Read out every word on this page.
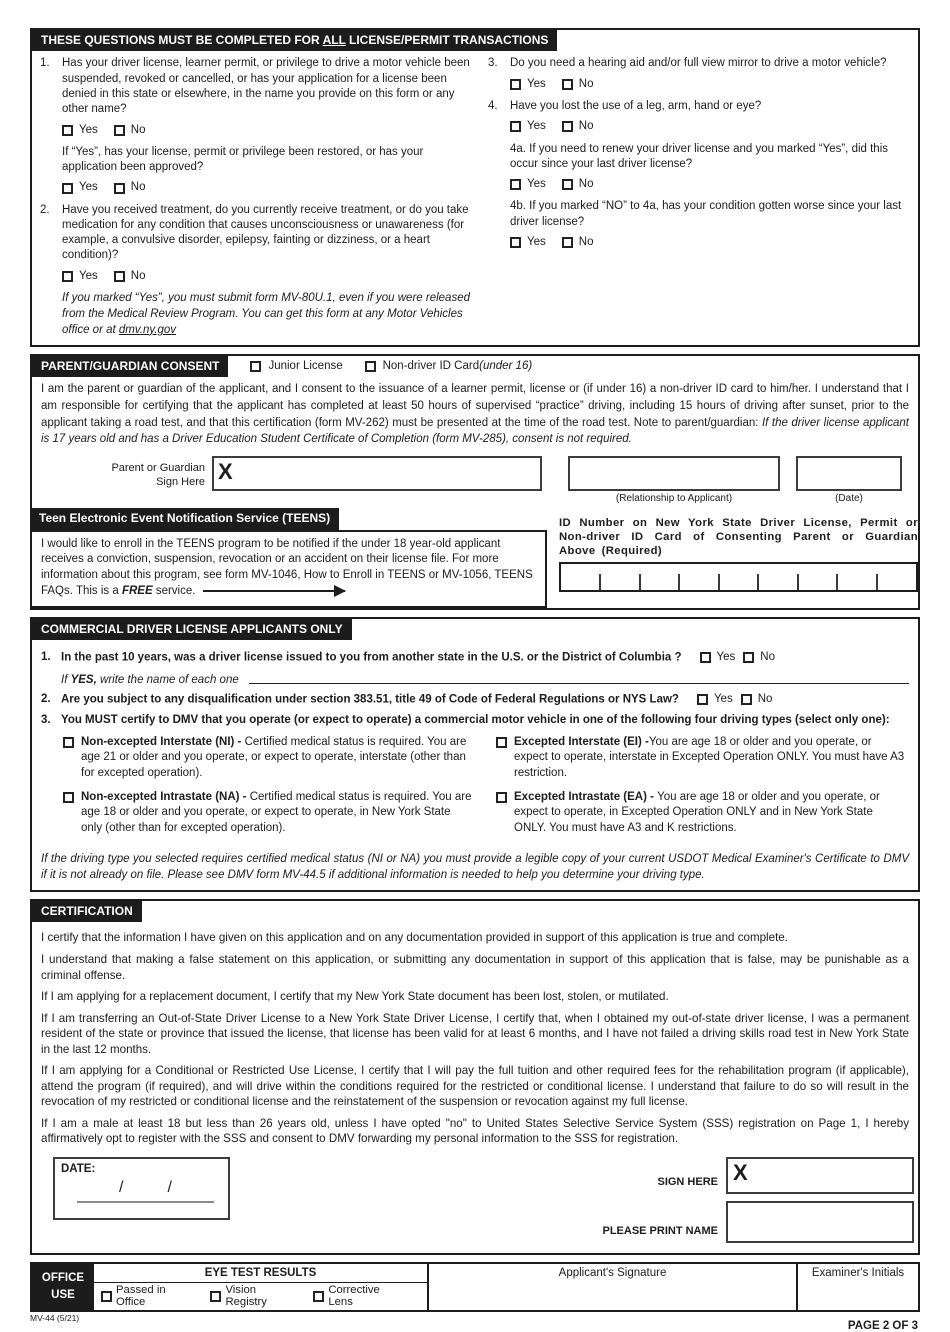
THESE QUESTIONS MUST BE COMPLETED FOR ALL LICENSE/PERMIT TRANSACTIONS
1.	Has your driver license, learner permit, or privilege to drive a motor vehicle been suspended, revoked or cancelled, or has your application for a license been denied in this state or elsewhere, in the name you provide on this form or any other name?
Yes	No
If “Yes”, has your license, permit or privilege been restored, or has your application been approved?
Yes	No
2.	Have you received treatment, do you currently receive treatment, or do you take medication for any condition that causes unconsciousness or unawareness (for example, a convulsive disorder, epilepsy, fainting or dizziness, or a heart condition)?
Yes	No
If you marked “Yes”, you must submit form MV-80U.1, even if you were released from the Medical Review Program. You can get this form at any Motor Vehicles office or at dmv.ny.gov
3.	Do you need a hearing aid and/or full view mirror to drive a motor vehicle?
Yes	No
4.	Have you lost the use of a leg, arm, hand or eye?
Yes	No
4a. If you need to renew your driver license and you marked “Yes”, did this occur since your last driver license?
Yes	No
4b. If you marked “NO” to 4a, has your condition gotten worse since your last driver license?
Yes	No
PARENT/GUARDIAN CONSENT	Junior License	Non-driver ID Card (under 16)
I am the parent or guardian of the applicant, and I consent to the issuance of a learner permit, license or (if under 16) a non-driver ID card to him/her. I understand that I am responsible for certifying that the applicant has completed at least 50 hours of supervised “practice” driving, including 15 hours of driving after sunset, prior to the applicant taking a road test, and that this certification (form MV-262) must be presented at the time of the road test. Note to parent/guardian: If the driver license applicant is 17 years old and has a Driver Education Student Certificate of Completion (form MV-285), consent is not required.
Parent or Guardian
Sign Here X
(Relationship to Applicant)	(Date)
Teen Electronic Event Notification Service (TEENS)
I would like to enroll in the TEENS program to be notified if the under 18 year-old applicant receives a conviction, suspension, revocation or an accident on their license file. For more information about this program, see form MV-1046, How to Enroll in TEENS or MV-1056, TEENS FAQs. This is a FREE service.
ID Number on New York State Driver License, Permit or Non-driver ID Card of Consenting Parent or Guardian Above (Required)
COMMERCIAL DRIVER LICENSE APPLICANTS ONLY
1. In the past 10 years, was a driver license issued to you from another state in the U.S. or the District of Columbia ?	Yes No
If YES, write the name of each one
2. Are you subject to any disqualification under section 383.51, title 49 of Code of Federal Regulations or NYS Law?	Yes No
3. You MUST certify to DMV that you operate (or expect to operate) a commercial motor vehicle in one of the following four driving types (select only one):
Non-excepted Interstate (NI) - Certified medical status is required. You are age 21 or older and you operate, or expect to operate, interstate (other than for excepted operation).
Excepted Interstate (EI) -You are age 18 or older and you operate, or expect to operate, interstate in Excepted Operation ONLY. You must have A3 restriction.
Non-excepted Intrastate (NA) - Certified medical status is required. You are age 18 or older and you operate, or expect to operate, in New York State only (other than for excepted operation).
Excepted Intrastate (EA) - You are age 18 or older and you operate, or expect to operate, in Excepted Operation ONLY and in New York State ONLY. You must have A3 and K restrictions.
If the driving type you selected requires certified medical status (NI or NA) you must provide a legible copy of your current USDOT Medical Examiner's Certificate to DMV if it is not already on file. Please see DMV form MV-44.5 if additional information is needed to help you determine your driving type.
CERTIFICATION

I certify that the information I have given on this application and on any documentation provided in support of this application is true and complete.

I understand that making a false statement on this application, or submitting any documentation in support of this application that is false, may be punishable as a criminal offense.

If I am applying for a replacement document, I certify that my New York State document has been lost, stolen, or mutilated.

If I am transferring an Out-of-State Driver License to a New York State Driver License, I certify that, when I obtained my out-of-state driver license, I was a permanent resident of the state or province that issued the license, that license has been valid for at least 6 months, and I have not failed a driving skills road test in New York State in the last 12 months.

If I am applying for a Conditional or Restricted Use License, I certify that I will pay the full tuition and other required fees for the rehabilitation program (if applicable), attend the program (if required), and will drive within the conditions required for the restricted or conditional license. I understand that failure to do so will result in the revocation of my restricted or conditional license and the reinstatement of the suspension or revocation against my full license.

If I am a male at least 18 but less than 26 years old, unless I have opted "no" to United States Selective Service System (SSS) registration on Page 1, I hereby affirmatively opt to register with the SSS and consent to DMV forwarding my personal information to the SSS for registration.

SIGN HERE X
DATE:
/	/
PLEASE PRINT NAME
OFFICE
USE
EYE TEST RESULTS
Passed in Office
Vision Registry
Corrective Lens
Applicant's Signature	Examiner's Initials
MV-44 (5/21)
PAGE 2 OF 3
